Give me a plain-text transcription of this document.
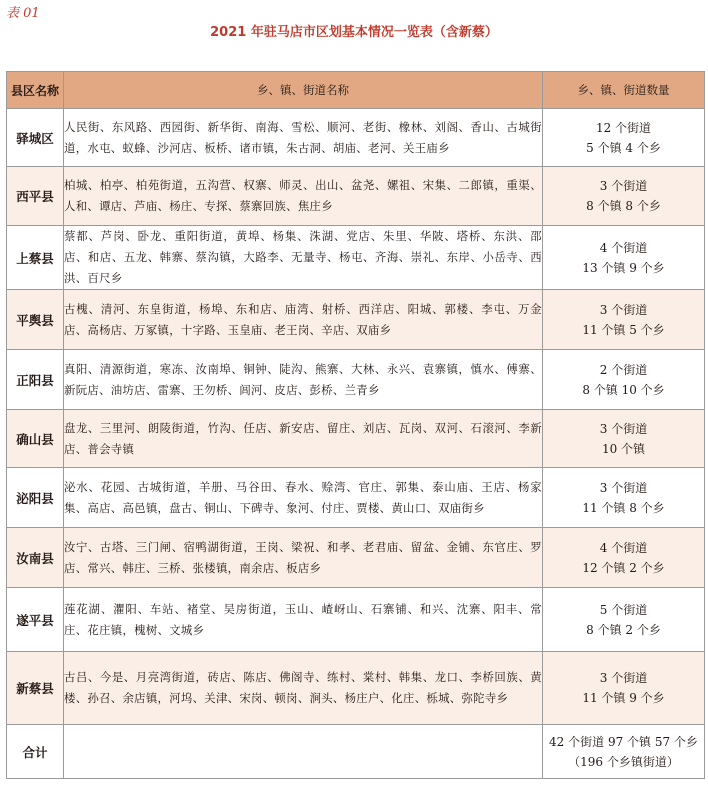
表 01
2021 年驻马店市区划基本情况一览表（含新蔡）
县区名称	乡、镇、街道名称	乡、镇、街道数量
驿城区	人民街、东风路、西园街、新华街、南海、雪松、顺河、老街、橡林、刘阁、香山、古城街道，水屯、蚁蜂、沙河店、板桥、诸市镇，朱古洞、胡庙、老河、关王庙乡	12 个街道
5 个镇 4 个乡

西平县	柏城、柏亭、柏苑街道，五沟营、权寨、师灵、出山、盆尧、嫘祖、宋集、二郎镇，重渠、人和、谭店、芦庙、杨庄、专探、蔡寨回族、焦庄乡	3 个街道
8 个镇 8 个乡

上蔡县	蔡都、芦岗、卧龙、重阳街道，黄埠、杨集、洙湖、党店、朱里、华陂、塔桥、东洪、邵店、和店、五龙、韩寨、蔡沟镇，大路李、无量寺、杨屯、齐海、崇礼、东岸、小岳寺、西洪、百尺乡	4 个街道
13 个镇 9 个乡

平舆县	古槐、清河、东皇街道，杨埠、东和店、庙湾、射桥、西洋店、阳城、郭楼、李屯、万金店、高杨店、万冢镇，十字路、玉皇庙、老王岗、辛店、双庙乡	3 个街道
11 个镇 5 个乡

正阳县	真阳、清源街道，寒冻、汝南埠、铜钟、陡沟、熊寨、大林、永兴、袁寨镇，慎水、傅寨、新阮店、油坊店、雷寨、王勿桥、闾河、皮店、彭桥、兰青乡	2 个街道
8 个镇 10 个乡

确山县	盘龙、三里河、朗陵街道，竹沟、任店、新安店、留庄、刘店、瓦岗、双河、石滚河、李新店、普会寺镇	3 个街道
10 个镇

泌阳县	泌水、花园、古城街道，羊册、马谷田、春水、赊湾、官庄、郭集、泰山庙、王店、杨家集、高店、高邑镇，盘古、铜山、下碑寺、象河、付庄、贾楼、黄山口、双庙街乡	3 个街道
11 个镇 8 个乡

汝南县	汝宁、古塔、三门闸、宿鸭湖街道，王岗、梁祝、和孝、老君庙、留盆、金铺、东官庄、罗店、常兴、韩庄、三桥、张楼镇，南余店、板店乡	4 个街道
12 个镇 2 个乡

遂平县	莲花湖、灈阳、车站、褚堂、吴房街道，玉山、嵖岈山、石寨铺、和兴、沈寨、阳丰、常庄、花庄镇，槐树、文城乡	5 个街道
8 个镇 2 个乡

新蔡县	古吕、今是、月亮湾街道，砖店、陈店、佛阁寺、练村、棠村、韩集、龙口、李桥回族、黄楼、孙召、余店镇，河坞、关津、宋岗、顿岗、涧头、杨庄户、化庄、栎城、弥陀寺乡	3 个街道
11 个镇 9 个乡

合计		42 个街道 97 个镇 57 个乡
（196 个乡镇街道）
